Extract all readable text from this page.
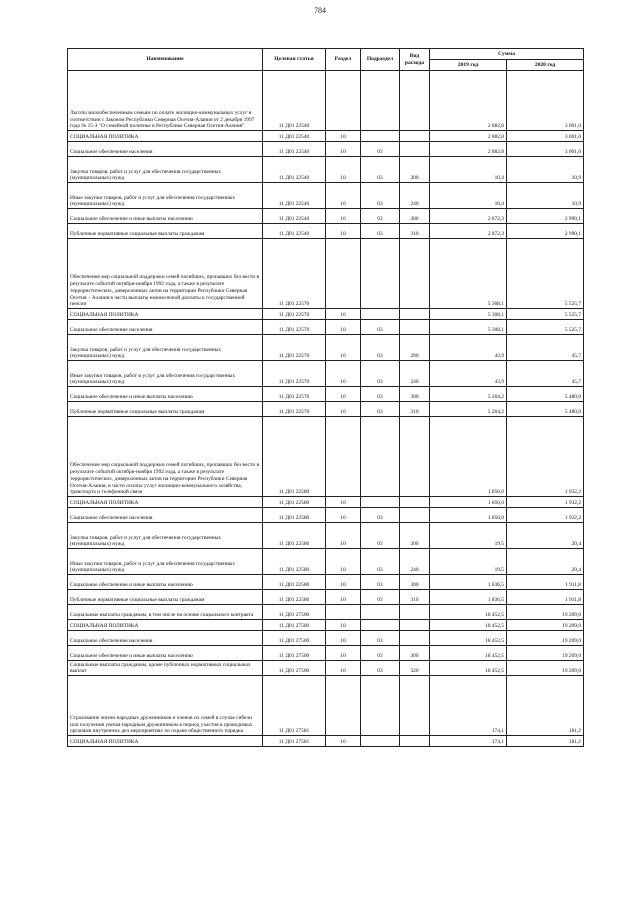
784
Наименование	Целевая статья	Раздел	Подраздел	Вид расхода	Сумма	
					2019 год	2020 год
Льготы малообеспеченным семьям по оплате жилищно-коммунальных услуг в соответствии с Законом Республики Северная Осетия-Алания от 2 декабря 1997 года № 15-З "О семейной политике в Республике Северная Осетия-Алания"	11 Д01 22540				2 882,8	3 001,0
СОЦИАЛЬНАЯ ПОЛИТИКА	11 Д01 22540	10			2 882,8	3 001,0
Социальное обеспечение населения	11 Д01 22540	10	03		2 882,8	3 001,0
Закупка товаров, работ и услуг для обеспечения государственных (муниципальных) нужд	11 Д01 22540	10	03	200	10,4	10,9
Иные закупки товаров, работ и услуг для обеспечения государственных (муниципальных) нужд	11 Д01 22540	10	03	240	10,4	10,9
Социальное обеспечение и иные выплаты населению	11 Д01 22540	10	03	300	2 872,3	2 990,1
Публичные нормативные социальные выплаты гражданам	11 Д01 22540	10	03	310	2 872,3	2 990,1
Обеспечение мер социальной поддержки семей погибших, пропавших без вести в результате событий октября-ноября 1992 года, а также в результате террористических, диверсионных актов на территории Республики Северная Осетия – Алания в части выплаты ежемесячной доплаты к государственной пенсии	11 Д01 22570				5 308,1	5 525,7
СОЦИАЛЬНАЯ ПОЛИТИКА	11 Д01 22570	10			5 308,1	5 525,7
Социальное обеспечение населения	11 Д01 22570	10	03		5 308,1	5 525,7
Закупка товаров, работ и услуг для обеспечения государственных (муниципальных) нужд	11 Д01 22570	10	03	200	43,9	45,7
Иные закупки товаров, работ и услуг для обеспечения государственных (муниципальных) нужд	11 Д01 22570	10	03	240	43,9	45,7
Социальное обеспечение и иные выплаты населению	11 Д01 22570	10	03	300	5 264,2	5 480,0
Публичные нормативные социальные выплаты гражданам	11 Д01 22570	10	03	310	5 264,2	5 480,0
Обеспечение мер социальной поддержки семей погибших, пропавших без вести в результате событий октября-ноября 1992 года, а также в результате террористических, диверсионных актов на территории Республики Северная Осетия-Алания, в части оплаты услуг жилищно-коммунального хозяйства, транспорта и телефонной связи	11 Д01 22580				1 856,0	1 932,2
СОЦИАЛЬНАЯ ПОЛИТИКА	11 Д01 22580	10			1 856,0	1 932,2
Социальное обеспечение населения	11 Д01 22580	10	03		1 856,0	1 932,2
Закупка товаров, работ и услуг для обеспечения государственных (муниципальных) нужд	11 Д01 22580	10	03	200	19,5	20,4
Иные закупки товаров, работ и услуг для обеспечения государственных (муниципальных) нужд	11 Д01 22580	10	03	240	19,5	20,4
Социальное обеспечение и иные выплаты населению	11 Д01 22580	10	03	300	1 836,5	1 911,8
Публичные нормативные социальные выплаты гражданам	11 Д01 22580	10	03	310	1 836,5	1 911,8
Социальные выплаты гражданам, в том числе на основе социального контракта	11 Д01 27500				18 452,5	19 209,0
СОЦИАЛЬНАЯ ПОЛИТИКА	11 Д01 27500	10			18 452,5	19 209,0
Социальное обеспечение населения	11 Д01 27500	10	03		18 452,5	19 209,0
Социальное обеспечение и иные выплаты населению	11 Д01 27500	10	03	300	18 452,5	19 209,0
Социальные выплаты гражданам, кроме публичных нормативных социальных выплат	11 Д01 27500	10	03	320	18 452,5	19 209,0
Страхование жизни народных дружинников и членов их семей в случае гибели или получения увечья народным дружинником в период участия в проводимых органами внутренних дел мероприятиях по охране общественного порядка	11 Д01 27581				174,1	181,2
СОЦИАЛЬНАЯ ПОЛИТИКА	11 Д01 27581	10			174,1	181,2
